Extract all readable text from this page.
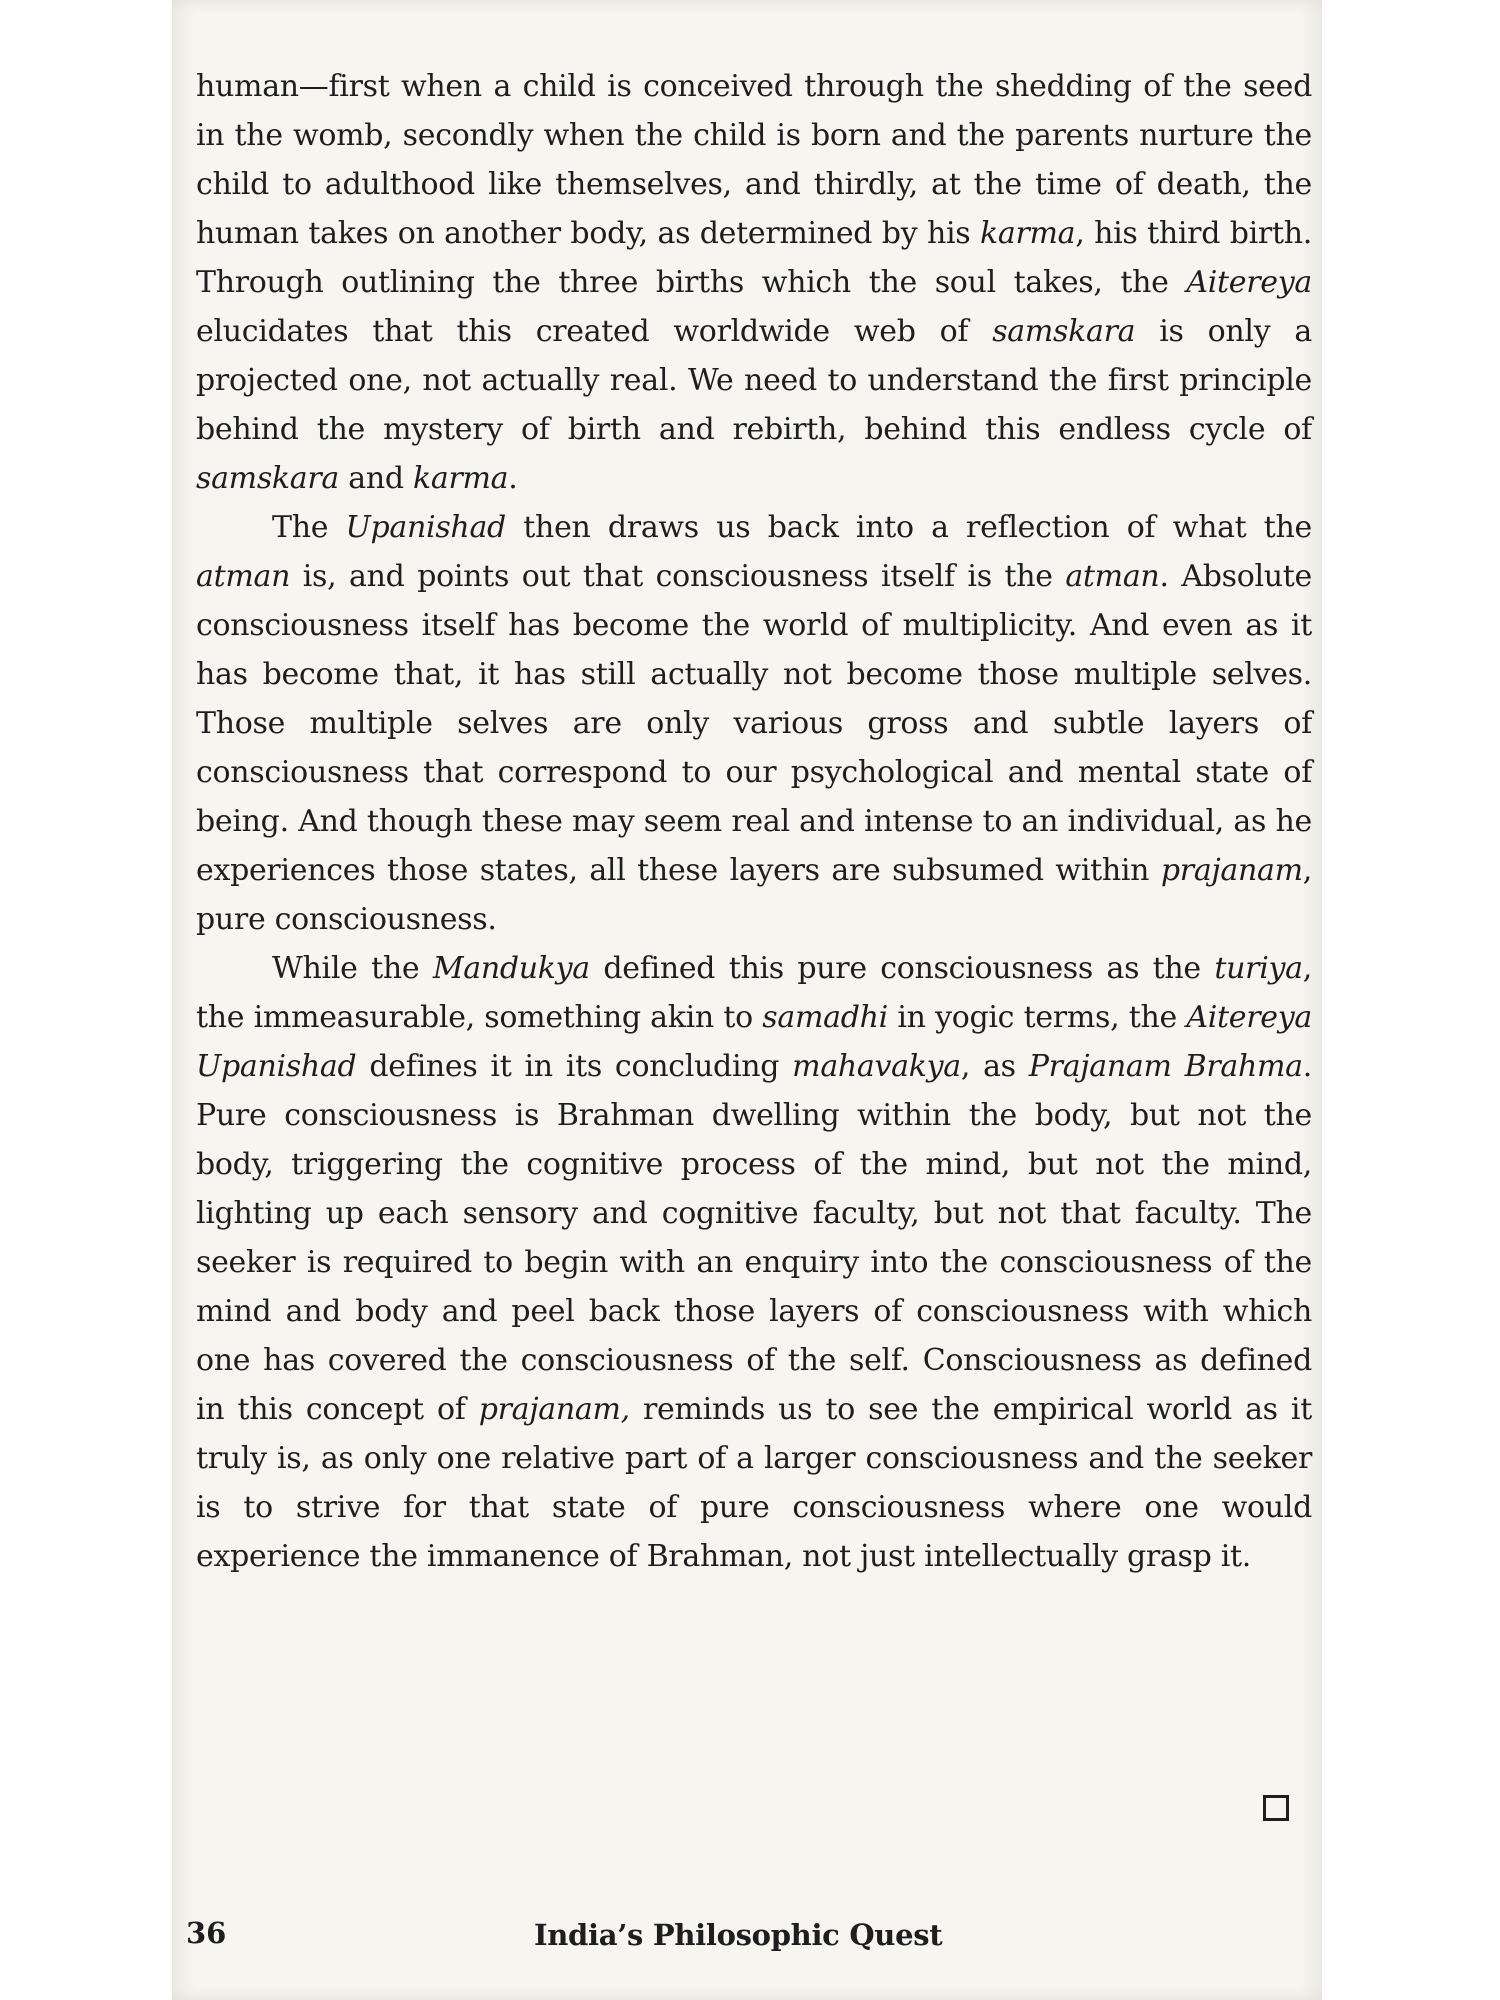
human—first when a child is conceived through the shedding of the seed in the womb, secondly when the child is born and the parents nurture the child to adulthood like themselves, and thirdly, at the time of death, the human takes on another body, as determined by his karma, his third birth. Through outlining the three births which the soul takes, the Aitereya elucidates that this created worldwide web of samskara is only a projected one, not actually real. We need to understand the first principle behind the mystery of birth and rebirth, behind this endless cycle of samskara and karma.

The Upanishad then draws us back into a reflection of what the atman is, and points out that consciousness itself is the atman. Absolute consciousness itself has become the world of multiplicity. And even as it has become that, it has still actually not become those multiple selves. Those multiple selves are only various gross and subtle layers of consciousness that correspond to our psychological and mental state of being. And though these may seem real and intense to an individual, as he experiences those states, all these layers are subsumed within prajanam, pure consciousness.

While the Mandukya defined this pure consciousness as the turiya, the immeasurable, something akin to samadhi in yogic terms, the Aitereya Upanishad defines it in its concluding mahavakya, as Prajanam Brahma. Pure consciousness is Brahman dwelling within the body, but not the body, triggering the cognitive process of the mind, but not the mind, lighting up each sensory and cognitive faculty, but not that faculty. The seeker is required to begin with an enquiry into the consciousness of the mind and body and peel back those layers of consciousness with which one has covered the consciousness of the self. Consciousness as defined in this concept of prajanam, reminds us to see the empirical world as it truly is, as only one relative part of a larger consciousness and the seeker is to strive for that state of pure consciousness where one would experience the immanence of Brahman, not just intellectually grasp it.

36	India’s Philosophic Quest
